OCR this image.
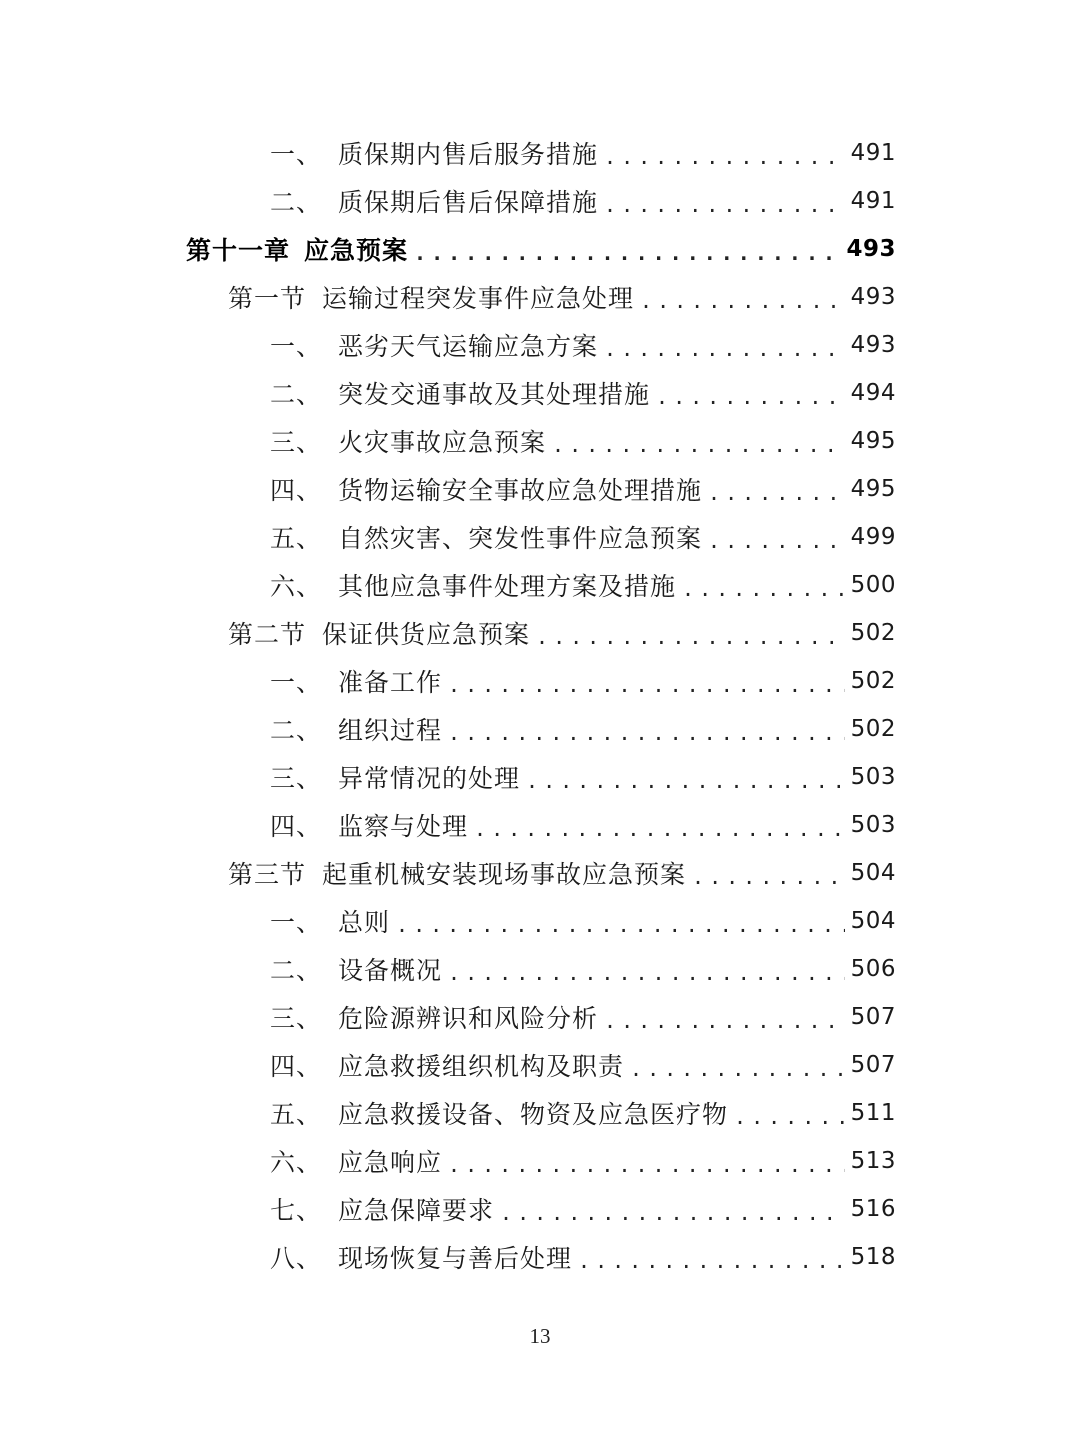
一、 质保期内售后服务措施 .....	491
二、 质保期后售后保障措施 .....	491
第十一章 应急预案 .....	493
第一节 运输过程突发事件应急处理 .....	493
一、 恶劣天气运输应急方案 .....	493
二、 突发交通事故及其处理措施 .....	494
三、 火灾事故应急预案 .....	495
四、 货物运输安全事故应急处理措施 .....	495
五、 自然灾害、突发性事件应急预案 .....	499
六、 其他应急事件处理方案及措施 .....	500
第二节 保证供货应急预案 .....	502
一、 准备工作 .....	502
二、 组织过程 .....	502
三、 异常情况的处理 .....	503
四、 监察与处理 .....	503
第三节 起重机械安装现场事故应急预案 .....	504
一、 总则 .....	504
二、 设备概况 .....	506
三、 危险源辨识和风险分析 .....	507
四、 应急救援组织机构及职责 .....	507
五、 应急救援设备、物资及应急医疗物 .....	511
六、 应急响应 .....	513
七、 应急保障要求 .....	516
八、 现场恢复与善后处理 .....	518
13
